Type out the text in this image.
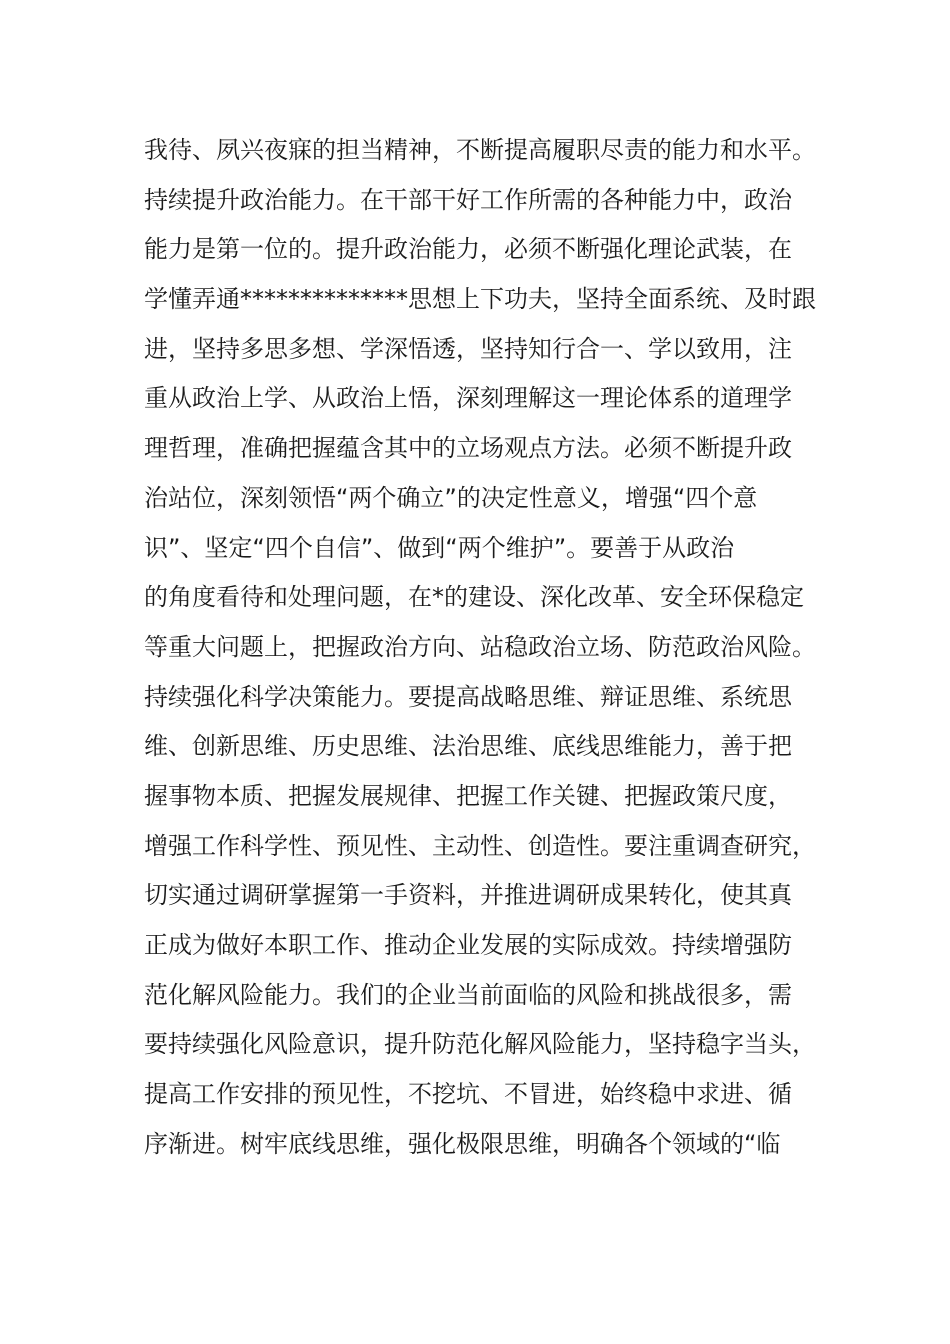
我待、夙兴夜寐的担当精神，不断提高履职尽责的能力和水平。
持续提升政治能力。在干部干好工作所需的各种能力中，政治
能力是第一位的。提升政治能力，必须不断强化理论武装，在
学懂弄通**************思想上下功夫，坚持全面系统、及时跟
进，坚持多思多想、学深悟透，坚持知行合一、学以致用，注
重从政治上学、从政治上悟，深刻理解这一理论体系的道理学
理哲理，准确把握蕴含其中的立场观点方法。必须不断提升政
治站位，深刻领悟“两个确立”的决定性意义，增强“四个意
识”、坚定“四个自信”、做到“两个维护”。要善于从政治
的角度看待和处理问题，在*的建设、深化改革、安全环保稳定
等重大问题上，把握政治方向、站稳政治立场、防范政治风险。
持续强化科学决策能力。要提高战略思维、辩证思维、系统思
维、创新思维、历史思维、法治思维、底线思维能力，善于把
握事物本质、把握发展规律、把握工作关键、把握政策尺度，
增强工作科学性、预见性、主动性、创造性。要注重调查研究，
切实通过调研掌握第一手资料，并推进调研成果转化，使其真
正成为做好本职工作、推动企业发展的实际成效。持续增强防
范化解风险能力。我们的企业当前面临的风险和挑战很多，需
要持续强化风险意识，提升防范化解风险能力，坚持稳字当头，
提高工作安排的预见性，不挖坑、不冒进，始终稳中求进、循
序渐进。树牢底线思维，强化极限思维，明确各个领域的“临
